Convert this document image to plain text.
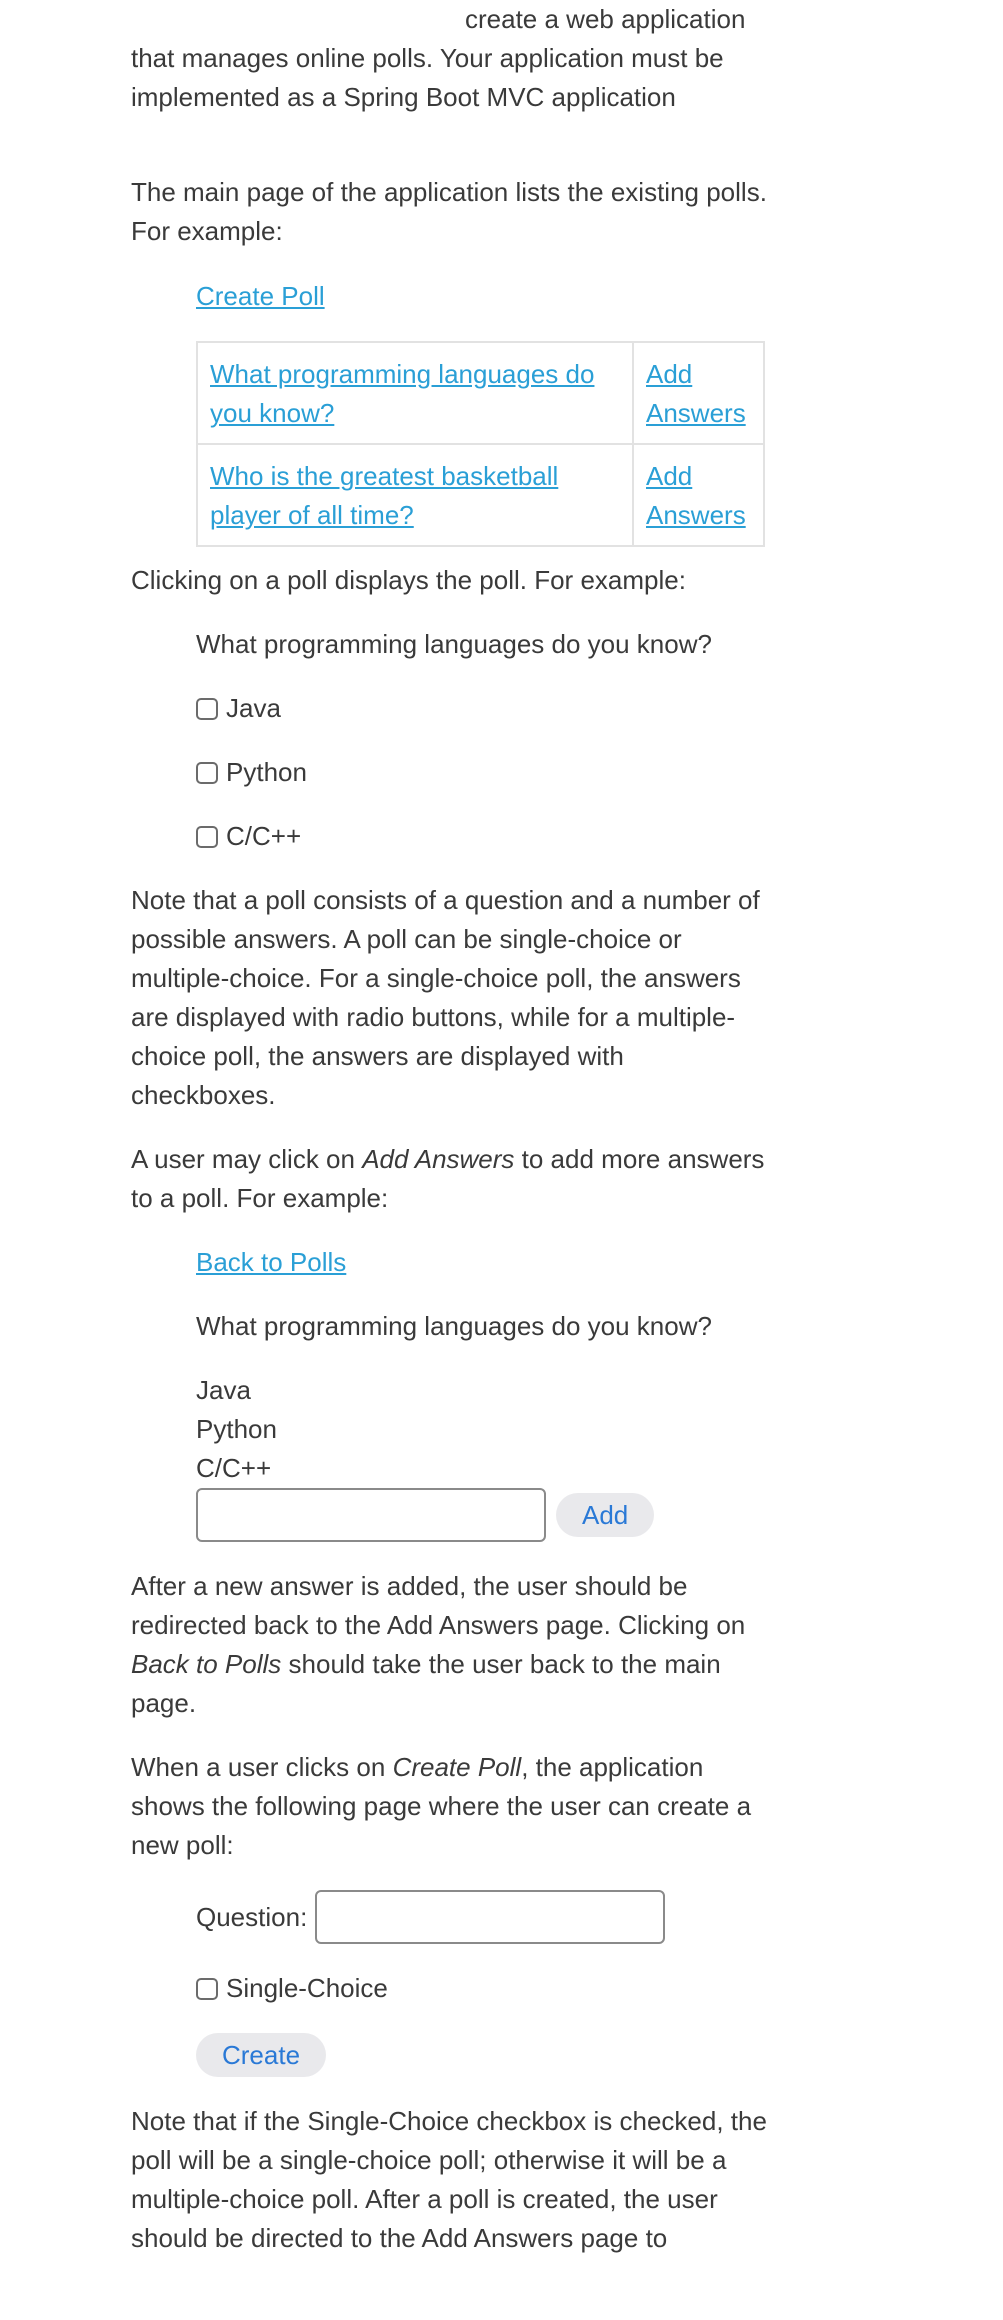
create a web application
that manages online polls. Your application must be
implemented as a Spring Boot MVC application

The main page of the application lists the existing polls. For example:

Create Poll
What programming languages do you know?	Add Answers
Who is the greatest basketball player of all time?	Add Answers

Clicking on a poll displays the poll. For example:

What programming languages do you know?
Java
Python
C/C++

Note that a poll consists of a question and a number of possible answers. A poll can be single-choice or multiple-choice. For a single-choice poll, the answers are displayed with radio buttons, while for a multiple-choice poll, the answers are displayed with checkboxes.

A user may click on Add Answers to add more answers to a poll. For example:

Back to Polls
What programming languages do you know?
Java
Python
C/C++
Add

After a new answer is added, the user should be redirected back to the Add Answers page. Clicking on Back to Polls should take the user back to the main page.

When a user clicks on Create Poll, the application shows the following page where the user can create a new poll:

Question:
Single-Choice
Create

Note that if the Single-Choice checkbox is checked, the poll will be a single-choice poll; otherwise it will be a multiple-choice poll. After a poll is created, the user should be directed to the Add Answers page to
